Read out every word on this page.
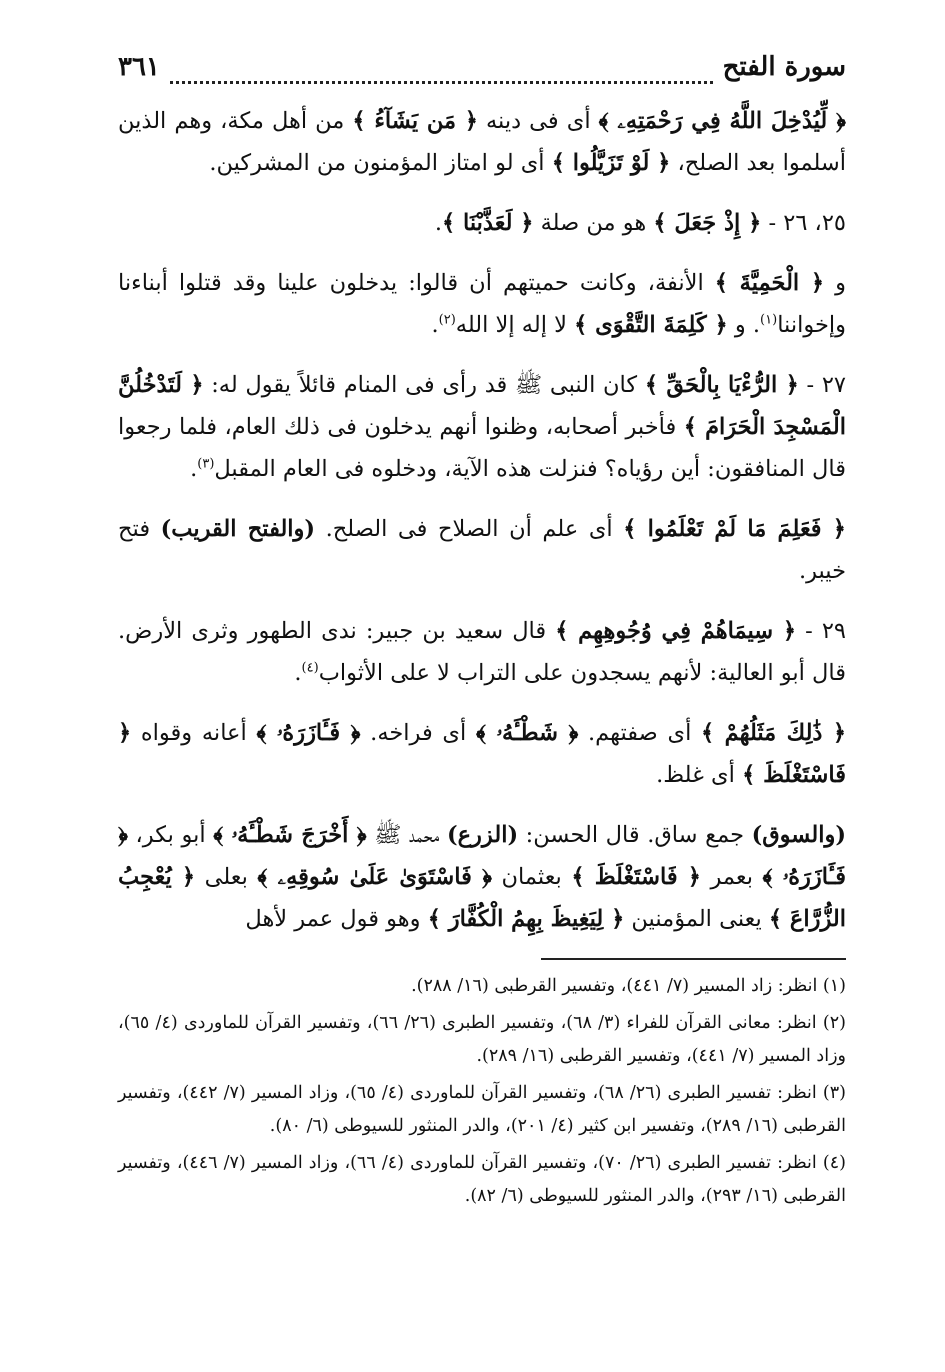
سورة الفتح
٣٦١

﴿ لِّيُدْخِلَ اللَّهُ فِي رَحْمَتِهِۦ ﴾ أى فى دينه ﴿ مَن يَشَآءُ ﴾ من أهل مكة، وهم الذين أسلموا بعد الصلح، ﴿ لَوْ تَزَيَّلُوا ﴾ أى لو امتاز المؤمنون من المشركين.

٢٥، ٢٦ - ﴿ إِذْ جَعَلَ ﴾ هو من صلة ﴿ لَعَذَّبْنَا ﴾.

و ﴿ الْحَمِيَّةَ ﴾ الأنفة، وكانت حميتهم أن قالوا: يدخلون علينا وقد قتلوا أبناءنا وإخواننا$^{(١)}$. و ﴿ كَلِمَةَ التَّقْوَى ﴾ لا إله إلا الله$^{(٢)}$.

٢٧ - ﴿ الرُّءْيَا بِالْحَقِّ ﴾ كان النبى ﷺ قد رأى فى المنام قائلاً يقول له: ﴿ لَتَدْخُلُنَّ الْمَسْجِدَ الْحَرَامَ ﴾ فأخبر أصحابه، وظنوا أنهم يدخلون فى ذلك العام، فلما رجعوا قال المنافقون: أين رؤياه؟ فنزلت هذه الآية، ودخلوه فى العام المقبل$^{(٣)}$.

﴿ فَعَلِمَ مَا لَمْ تَعْلَمُوا ﴾ أى علم أن الصلاح فى الصلح. (والفتح القريب) فتح خيبر.

٢٩ - ﴿ سِيمَاهُمْ فِي وُجُوهِهِم ﴾ قال سعيد بن جبير: ندى الطهور وثرى الأرض. قال أبو العالية: لأنهم يسجدون على التراب لا على الأثواب$^{(٤)}$.

﴿ ذَٰلِكَ مَثَلُهُمْ ﴾ أى صفتهم. ﴿ شَطْـَٔهُۥ ﴾ أى فراخه. ﴿ فَـَٔازَرَهُۥ ﴾ أعانه وقواه ﴿ فَاسْتَغْلَظَ ﴾ أى غلظ.

(والسوق) جمع ساق. قال الحسن: (الزرع) محمد ﷺ ﴿ أَخْرَجَ شَطْـَٔهُۥ ﴾ أبو بكر، ﴿ فَـَٔازَرَهُۥ ﴾ بعمر ﴿ فَاسْتَغْلَظَ ﴾ بعثمان ﴿ فَاسْتَوَىٰ عَلَىٰ سُوقِهِۦ ﴾ بعلى ﴿ يُعْجِبُ الزُّرَّاعَ ﴾ يعنى المؤمنين ﴿ لِيَغِيظَ بِهِمُ الْكُفَّارَ ﴾ وهو قول عمر لأهل

(١) انظر: زاد المسير (٧/ ٤٤١)، وتفسير القرطبى (١٦/ ٢٨٨).

(٢) انظر: معانى القرآن للفراء (٣/ ٦٨)، وتفسير الطبرى (٢٦/ ٦٦)، وتفسير القرآن للماوردى (٤/ ٦٥)، وزاد المسير (٧/ ٤٤١)، وتفسير القرطبى (١٦/ ٢٨٩).

(٣) انظر: تفسير الطبرى (٢٦/ ٦٨)، وتفسير القرآن للماوردى (٤/ ٦٥)، وزاد المسير (٧/ ٤٤٢)، وتفسير القرطبى (١٦/ ٢٨٩)، وتفسير ابن كثير (٤/ ٢٠١)، والدر المنثور للسيوطى (٦/ ٨٠).

(٤) انظر: تفسير الطبرى (٢٦/ ٧٠)، وتفسير القرآن للماوردى (٤/ ٦٦)، وزاد المسير (٧/ ٤٤٦)، وتفسير القرطبى (١٦/ ٢٩٣)، والدر المنثور للسيوطى (٦/ ٨٢).
